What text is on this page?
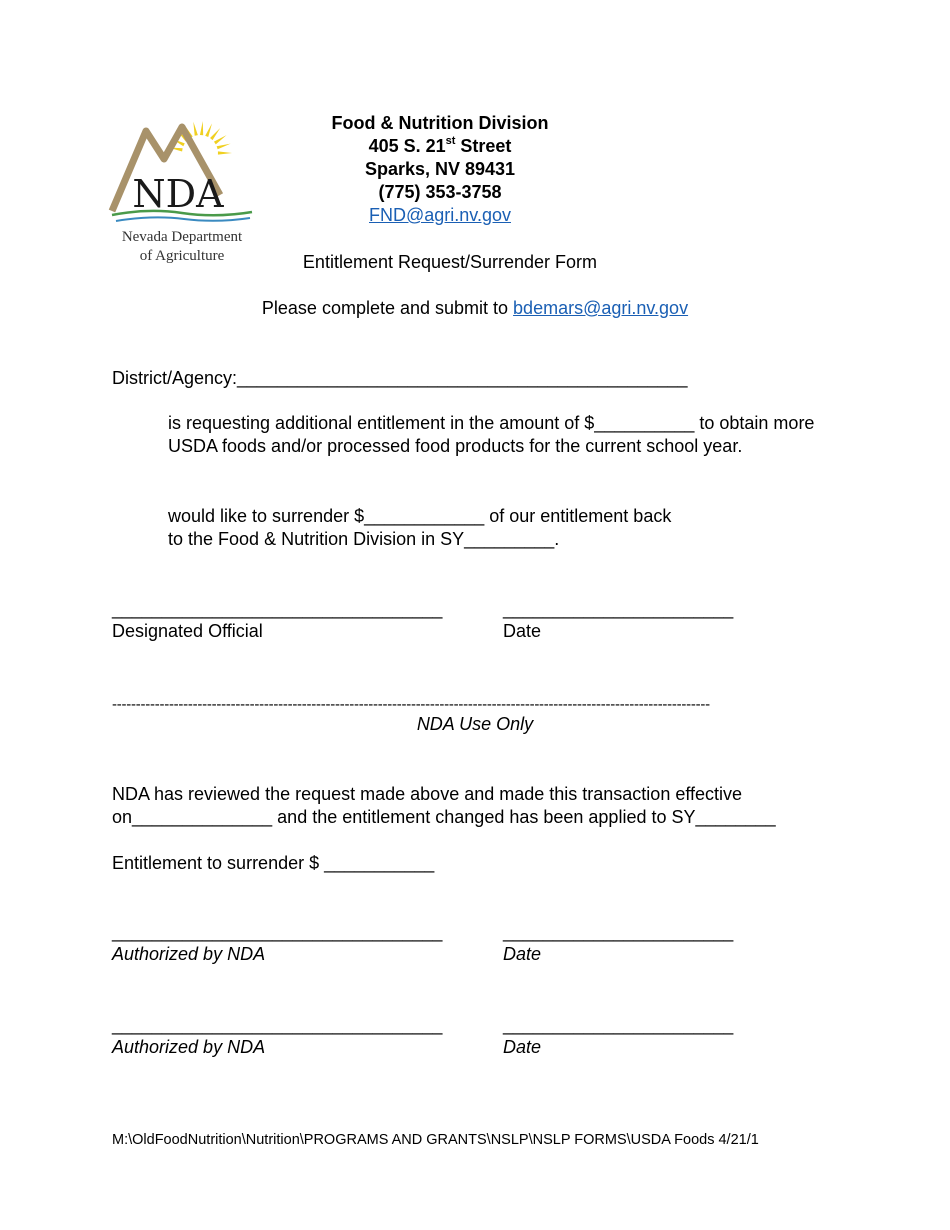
NDA
Nevada Department
of Agriculture
Food & Nutrition Division
405 S. 21st Street
Sparks, NV 89431
(775) 353-3758
FND@agri.nv.gov
Entitlement Request/Surrender Form
Please complete and submit to bdemars@agri.nv.gov
District/Agency:_____________________________________________
is requesting additional entitlement in the amount of $__________ to obtain more
USDA foods and/or processed food products for the current school year.
would like to surrender $____________ of our entitlement back
to the Food & Nutrition Division in SY_________.
_________________________________	_______________________
Designated Official	Date
------------------------------------------------------------------------------------------------------------------------------
NDA Use Only
NDA has reviewed the request made above and made this transaction effective
on______________ and the entitlement changed has been applied to SY________
Entitlement to surrender $ ___________
_________________________________	_______________________
Authorized by NDA	Date
_________________________________	_______________________
Authorized by NDA	Date
M:\OldFoodNutrition\Nutrition\PROGRAMS AND GRANTS\NSLP\NSLP FORMS\USDA Foods 4/21/1
